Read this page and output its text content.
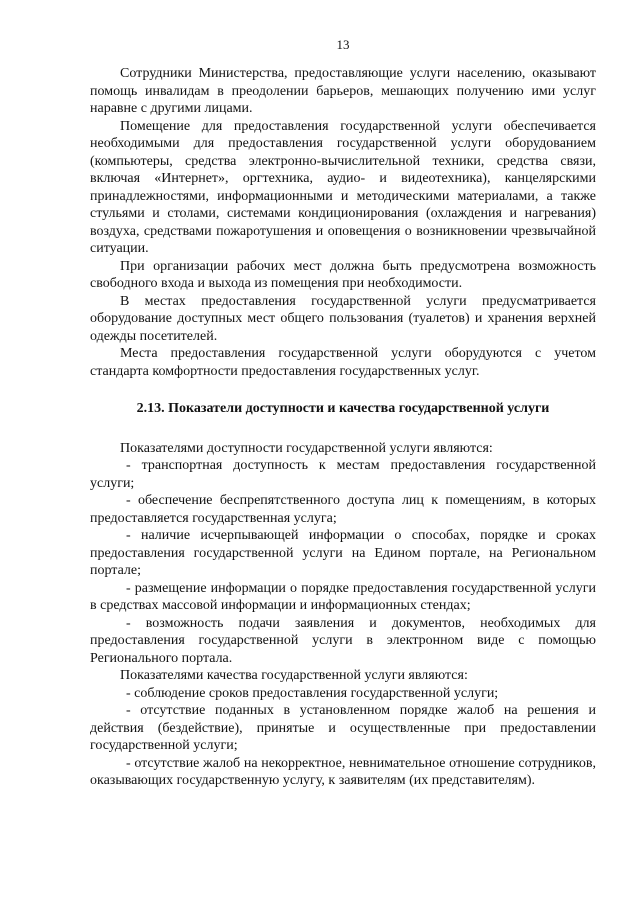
13

Сотрудники Министерства, предоставляющие услуги населению, оказывают помощь инвалидам в преодолении барьеров, мешающих получению ими услуг наравне с другими лицами.

Помещение для предоставления государственной услуги обеспечивается необходимыми для предоставления государственной услуги оборудованием (компьютеры, средства электронно-вычислительной техники, средства связи, включая «Интернет», оргтехника, аудио- и видеотехника), канцелярскими принадлежностями, информационными и методическими материалами, а также стульями и столами, системами кондиционирования (охлаждения и нагревания) воздуха, средствами пожаротушения и оповещения о возникновении чрезвычайной ситуации.

При организации рабочих мест должна быть предусмотрена возможность свободного входа и выхода из помещения при необходимости.

В местах предоставления государственной услуги предусматривается оборудование доступных мест общего пользования (туалетов) и хранения верхней одежды посетителей.

Места предоставления государственной услуги оборудуются с учетом стандарта комфортности предоставления государственных услуг.

2.13. Показатели доступности и качества государственной услуги

Показателями доступности государственной услуги являются:

- транспортная доступность к местам предоставления государственной услуги;

- обеспечение беспрепятственного доступа лиц к помещениям, в которых предоставляется государственная услуга;

- наличие исчерпывающей информации о способах, порядке и сроках предоставления государственной услуги на Едином портале, на Региональном портале;

- размещение информации о порядке предоставления государственной услуги в средствах массовой информации и информационных стендах;

- возможность подачи заявления и документов, необходимых для предоставления государственной услуги в электронном виде с помощью Регионального портала.

Показателями качества государственной услуги являются:

- соблюдение сроков предоставления государственной услуги;

- отсутствие поданных в установленном порядке жалоб на решения и действия (бездействие), принятые и осуществленные при предоставлении государственной услуги;

- отсутствие жалоб на некорректное, невнимательное отношение сотрудников, оказывающих государственную услугу, к заявителям (их представителям).
